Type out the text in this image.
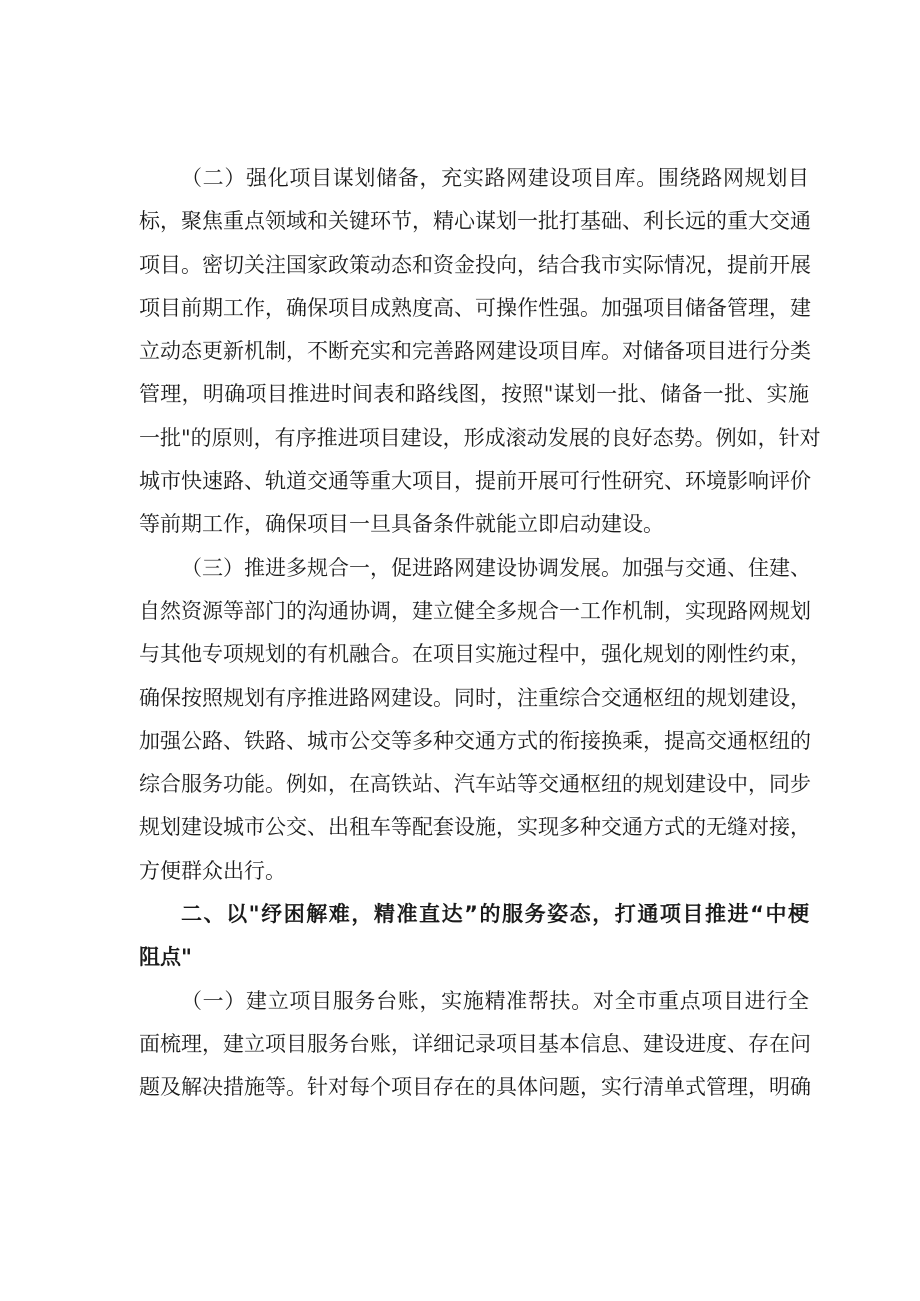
（二）强化项目谋划储备，充实路网建设项目库。围绕路网规划目
标，聚焦重点领域和关键环节，精心谋划一批打基础、利长远的重大交通
项目。密切关注国家政策动态和资金投向，结合我市实际情况，提前开展
项目前期工作，确保项目成熟度高、可操作性强。加强项目储备管理，建
立动态更新机制，不断充实和完善路网建设项目库。对储备项目进行分类
管理，明确项目推进时间表和路线图，按照"谋划一批、储备一批、实施
一批"的原则，有序推进项目建设，形成滚动发展的良好态势。例如，针对
城市快速路、轨道交通等重大项目，提前开展可行性研究、环境影响评价
等前期工作，确保项目一旦具备条件就能立即启动建设。
（三）推进多规合一，促进路网建设协调发展。加强与交通、住建、
自然资源等部门的沟通协调，建立健全多规合一工作机制，实现路网规划
与其他专项规划的有机融合。在项目实施过程中，强化规划的刚性约束，
确保按照规划有序推进路网建设。同时，注重综合交通枢纽的规划建设，
加强公路、铁路、城市公交等多种交通方式的衔接换乘，提高交通枢纽的
综合服务功能。例如，在高铁站、汽车站等交通枢纽的规划建设中，同步
规划建设城市公交、出租车等配套设施，实现多种交通方式的无缝对接，
方便群众出行。
二、以"纾困解难，精准直达”的服务姿态，打通项目推进“中梗
阻点"
（一）建立项目服务台账，实施精准帮扶。对全市重点项目进行全
面梳理，建立项目服务台账，详细记录项目基本信息、建设进度、存在问
题及解决措施等。针对每个项目存在的具体问题，实行清单式管理，明确
